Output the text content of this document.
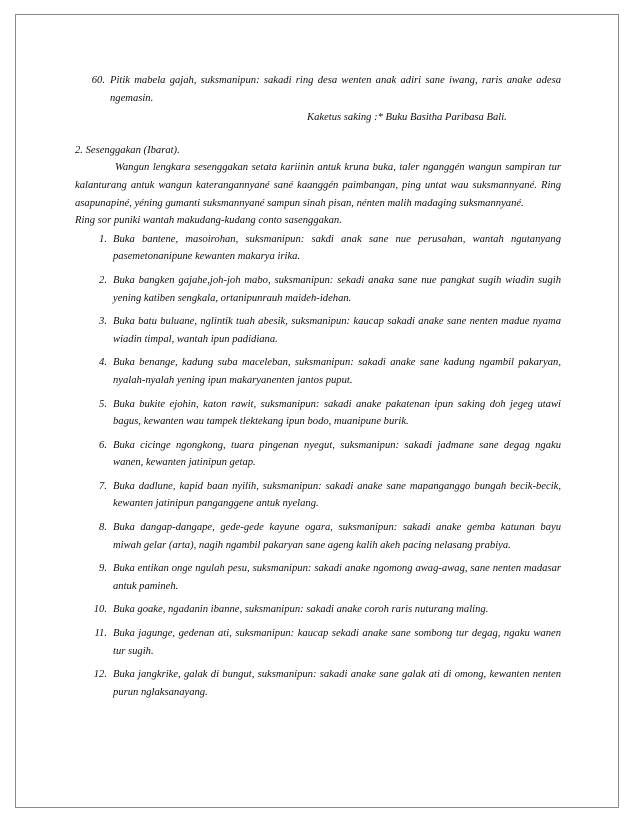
60. Pitik mabela gajah, suksmanipun: sakadi ring desa wenten anak adiri sane iwang, raris anake adesa ngemasin.
Kaketus saking :* Buku Basitha Paribasa Bali.
2. Sesenggakan (Ibarat).
Wangun lengkara sesenggakan setata kariinin antuk kruna buka, taler nganggén wangun sampiran tur kalanturang antuk wangun katerangannyané sané kaanggén paimbangan, ping untat wau suksmannyané. Ring asapunapiné, yéning gumanti suksmannyané sampun sinah pisan, nénten malih madaging suksmannyané.
Ring sor puniki wantah makudang-kudang conto sasenggakan.
1. Buka bantene, masoirohan, suksmanipun: sakdi anak sane nue perusahan, wantah ngutanyang pasemetonanipune kewanten makarya irika.
2. Buka bangken gajahe,joh-joh mabo, suksmanipun: sekadi anaka sane nue pangkat sugih wiadin sugih yening katiben sengkala, ortanipunrauh maideh-idehan.
3. Buka batu buluane, nglintik tuah abesik, suksmanipun: kaucap sakadi anake sane nenten madue nyama wiadin timpal, wantah ipun padidiana.
4. Buka benange, kadung suba maceleban, suksmanipun: sakadi anake sane kadung ngambil pakaryan, nyalah-nyalah yening ipun makaryanenten jantos puput.
5. Buka bukite ejohin, katon rawit, suksmanipun: sakadi anake pakatenan ipun saking doh jegeg utawi bagus, kewanten wau tampek tlektekang ipun bodo, muanipune burik.
6. Buka cicinge ngongkong, tuara pingenan nyegut, suksmanipun: sakadi jadmane sane degag ngaku wanen, kewanten jatinipun getap.
7. Buka dadlune, kapid baan nyilih, suksmanipun: sakadi anake sane mapanganggo bungah becik-becik, kewanten jatinipun panganggene antuk nyelang.
8. Buka dangap-dangape, gede-gede kayune ogara, suksmanipun: sakadi anake gemba katunan bayu miwah gelar (arta), nagih ngambil pakaryan sane ageng kalih akeh pacing nelasang prabiya.
9. Buka entikan onge ngulah pesu, suksmanipun: sakadi anake ngomong awag-awag, sane nenten madasar antuk pamineh.
10. Buka goake, ngadanin ibanne, suksmanipun: sakadi anake coroh raris nuturang maling.
11. Buka jagunge, gedenan ati, suksmanipun: kaucap sekadi anake sane sombong tur degag, ngaku wanen tur sugih.
12. Buka jangkrike, galak di bungut, suksmanipun: sakadi anake sane galak ati di omong, kewanten nenten purun nglaksanayang.
